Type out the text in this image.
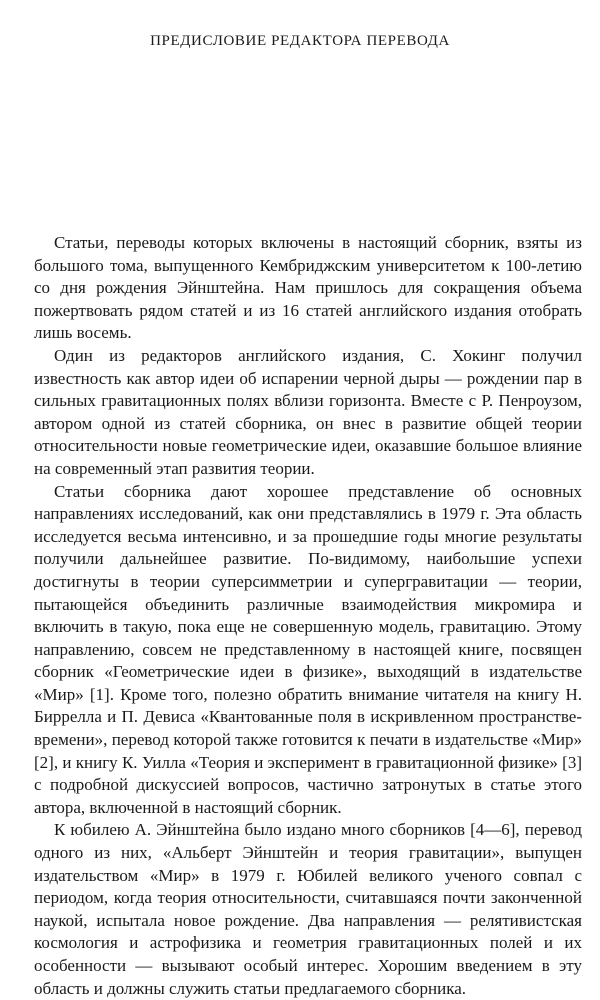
ПРЕДИСЛОВИЕ РЕДАКТОРА ПЕРЕВОДА

Статьи, переводы которых включены в настоящий сборник, взяты из большого тома, выпущенного Кембриджским университетом к 100-летию со дня рождения Эйнштейна. Нам пришлось для сокращения объема пожертвовать рядом статей и из 16 статей английского издания отобрать лишь восемь.

Один из редакторов английского издания, С. Хокинг получил известность как автор идеи об испарении черной дыры — рождении пар в сильных гравитационных полях вблизи горизонта. Вместе с Р. Пенроузом, автором одной из статей сборника, он внес в развитие общей теории относительности новые геометрические идеи, оказавшие большое влияние на современный этап развития теории.

Статьи сборника дают хорошее представление об основных направлениях исследований, как они представлялись в 1979 г. Эта область исследуется весьма интенсивно, и за прошедшие годы многие результаты получили дальнейшее развитие. По-видимому, наибольшие успехи достигнуты в теории суперсимметрии и супергравитации — теории, пытающейся объединить различные взаимодействия микромира и включить в такую, пока еще не совершенную модель, гравитацию. Этому направлению, совсем не представленному в настоящей книге, посвящен сборник «Геометрические идеи в физике», выходящий в издательстве «Мир» [1]. Кроме того, полезно обратить внимание читателя на книгу Н. Биррелла и П. Девиса «Квантованные поля в искривленном пространстве-времени», перевод которой также готовится к печати в издательстве «Мир» [2], и книгу К. Уилла «Теория и эксперимент в гравитационной физике» [3] с подробной дискуссией вопросов, частично затронутых в статье этого автора, включенной в настоящий сборник.

К юбилею А. Эйнштейна было издано много сборников [4—6], перевод одного из них, «Альберт Эйнштейн и теория гравитации», выпущен издательством «Мир» в 1979 г. Юбилей великого ученого совпал с периодом, когда теория относительности, считавшаяся почти законченной наукой, испытала новое рождение. Два направления — релятивистская космология и астрофизика и геометрия гравитационных полей и их особенности — вызывают особый интерес. Хорошим введением в эту область и должны служить статьи предлагаемого сборника.
